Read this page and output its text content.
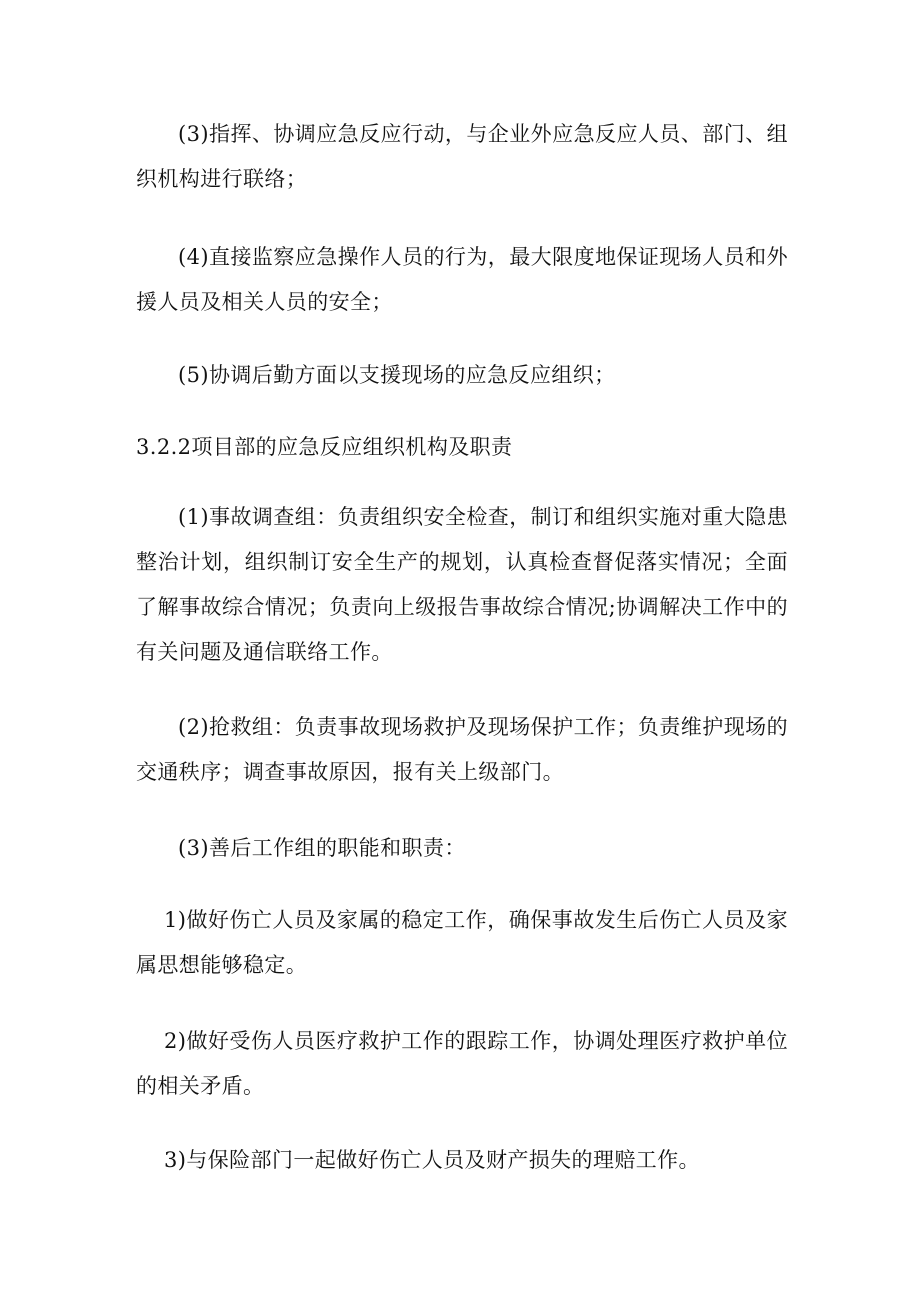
(3)指挥、协调应急反应行动，与企业外应急反应人员、部门、组织机构进行联络；

(4)直接监察应急操作人员的行为，最大限度地保证现场人员和外援人员及相关人员的安全；

(5)协调后勤方面以支援现场的应急反应组织；

3.2.2项目部的应急反应组织机构及职责

(1)事故调查组：负责组织安全检查，制订和组织实施对重大隐患整治计划，组织制订安全生产的规划，认真检查督促落实情况；全面了解事故综合情况；负责向上级报告事故综合情况;协调解决工作中的有关问题及通信联络工作。

(2)抢救组：负责事故现场救护及现场保护工作；负责维护现场的交通秩序；调查事故原因，报有关上级部门。

(3)善后工作组的职能和职责：

1)做好伤亡人员及家属的稳定工作，确保事故发生后伤亡人员及家属思想能够稳定。

2)做好受伤人员医疗救护工作的跟踪工作，协调处理医疗救护单位的相关矛盾。

3)与保险部门一起做好伤亡人员及财产损失的理赔工作。
